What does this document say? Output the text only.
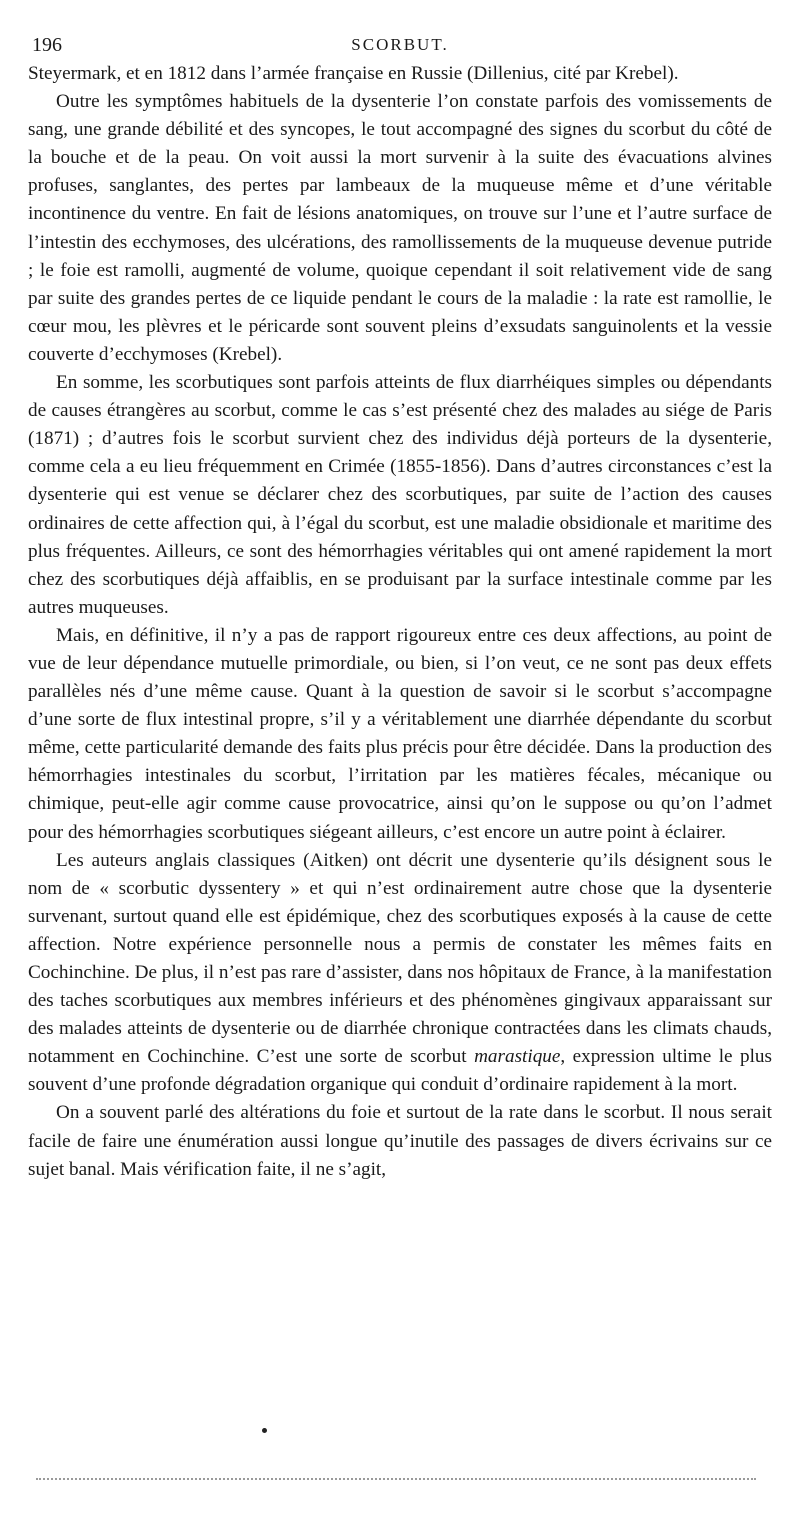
196	SCORBUT.

Steyermark, et en 1812 dans l’armée française en Russie (Dillenius, cité par Krebel).

Outre les symptômes habituels de la dysenterie l’on constate parfois des vomissements de sang, une grande débilité et des syncopes, le tout accompagné des signes du scorbut du côté de la bouche et de la peau. On voit aussi la mort survenir à la suite des évacuations alvines profuses, sanglantes, des pertes par lambeaux de la muqueuse même et d’une véritable incontinence du ventre. En fait de lésions anatomiques, on trouve sur l’une et l’autre surface de l’intestin des ecchymoses, des ulcérations, des ramollissements de la muqueuse devenue putride ; le foie est ramolli, augmenté de volume, quoique cependant il soit relativement vide de sang par suite des grandes pertes de ce liquide pendant le cours de la maladie : la rate est ramollie, le cœur mou, les plèvres et le péricarde sont souvent pleins d’exsudats sanguinolents et la vessie couverte d’ecchymoses (Krebel).

En somme, les scorbutiques sont parfois atteints de flux diarrhéiques simples ou dépendants de causes étrangères au scorbut, comme le cas s’est présenté chez des malades au siége de Paris (1871) ; d’autres fois le scorbut survient chez des individus déjà porteurs de la dysenterie, comme cela a eu lieu fréquemment en Crimée (1855-1856). Dans d’autres circonstances c’est la dysenterie qui est venue se déclarer chez des scorbutiques, par suite de l’action des causes ordinaires de cette affection qui, à l’égal du scorbut, est une maladie obsidionale et maritime des plus fréquentes. Ailleurs, ce sont des hémorrhagies véritables qui ont amené rapidement la mort chez des scorbutiques déjà affaiblis, en se produisant par la surface intestinale comme par les autres muqueuses.

Mais, en définitive, il n’y a pas de rapport rigoureux entre ces deux affections, au point de vue de leur dépendance mutuelle primordiale, ou bien, si l’on veut, ce ne sont pas deux effets parallèles nés d’une même cause. Quant à la question de savoir si le scorbut s’accompagne d’une sorte de flux intestinal propre, s’il y a véritablement une diarrhée dépendante du scorbut même, cette particularité demande des faits plus précis pour être décidée. Dans la production des hémorrhagies intestinales du scorbut, l’irritation par les matières fécales, mécanique ou chimique, peut-elle agir comme cause provocatrice, ainsi qu’on le suppose ou qu’on l’admet pour des hémorrhagies scorbutiques siégeant ailleurs, c’est encore un autre point à éclairer.

Les auteurs anglais classiques (Aitken) ont décrit une dysenterie qu’ils désignent sous le nom de « scorbutic dyssentery » et qui n’est ordinairement autre chose que la dysenterie survenant, surtout quand elle est épidémique, chez des scorbutiques exposés à la cause de cette affection. Notre expérience personnelle nous a permis de constater les mêmes faits en Cochinchine. De plus, il n’est pas rare d’assister, dans nos hôpitaux de France, à la manifestation des taches scorbutiques aux membres inférieurs et des phénomènes gingivaux apparaissant sur des malades atteints de dysenterie ou de diarrhée chronique contractées dans les climats chauds, notamment en Cochinchine. C’est une sorte de scorbut marastique, expression ultime le plus souvent d’une profonde dégradation organique qui conduit d’ordinaire rapidement à la mort.

On a souvent parlé des altérations du foie et surtout de la rate dans le scorbut. Il nous serait facile de faire une énumération aussi longue qu’inutile des passages de divers écrivains sur ce sujet banal. Mais vérification faite, il ne s’agit,
